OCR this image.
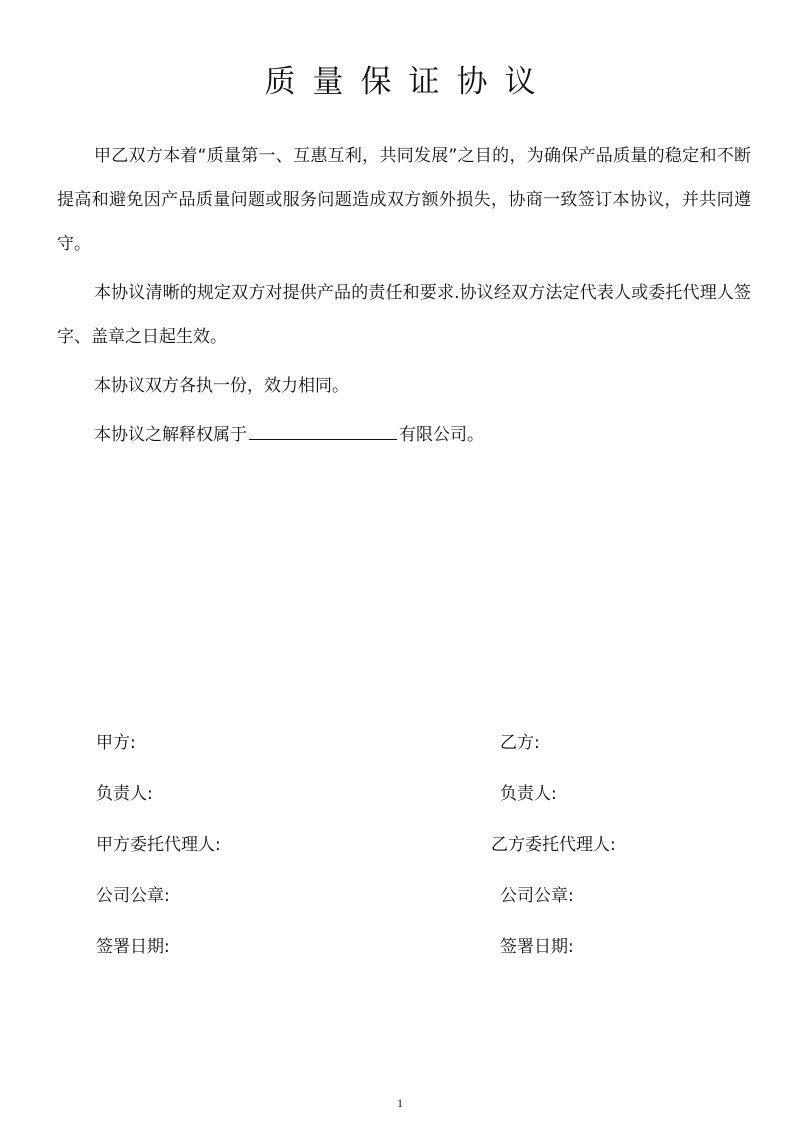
质量保证协议

甲乙双方本着“质量第一、互惠互利，共同发展”之目的，为确保产品质量的稳定和不断提高和避免因产品质量问题或服务问题造成双方额外损失，协商一致签订本协议，并共同遵守。

本协议清晰的规定双方对提供产品的责任和要求.协议经双方法定代表人或委托代理人签字、盖章之日起生效。

本协议双方各执一份，效力相同。

本协议之解释权属于	有限公司。

甲方:
负责人:
甲方委托代理人:
公司公章:
签署日期:
乙方:
负责人:
乙方委托代理人:
公司公章:
签署日期:
1
